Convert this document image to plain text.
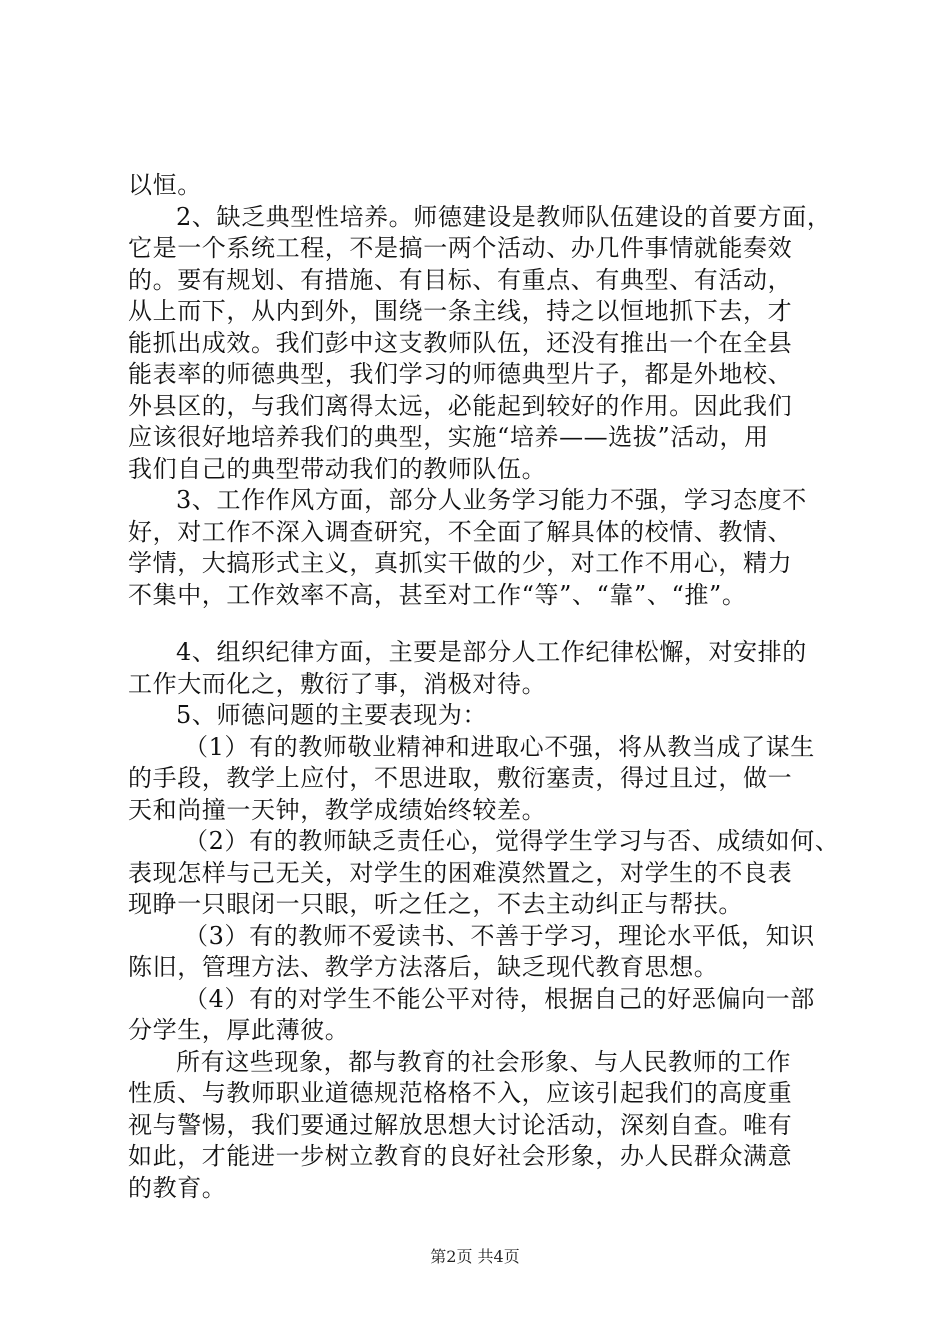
以恒。
2、缺乏典型性培养。师德建设是教师队伍建设的首要方面，
它是一个系统工程，不是搞一两个活动、办几件事情就能奏效
的。要有规划、有措施、有目标、有重点、有典型、有活动，
从上而下，从内到外，围绕一条主线，持之以恒地抓下去，才
能抓出成效。我们彭中这支教师队伍，还没有推出一个在全县
能表率的师德典型，我们学习的师德典型片子，都是外地校、
外县区的，与我们离得太远，必能起到较好的作用。因此我们
应该很好地培养我们的典型，实施“培养——选拔”活动，用
我们自己的典型带动我们的教师队伍。
3、工作作风方面，部分人业务学习能力不强，学习态度不
好，对工作不深入调查研究，不全面了解具体的校情、教情、
学情，大搞形式主义，真抓实干做的少，对工作不用心，精力
不集中，工作效率不高，甚至对工作“等”、“靠”、“推”。
4、组织纪律方面，主要是部分人工作纪律松懈，对安排的
工作大而化之，敷衍了事，消极对待。
5、师德问题的主要表现为：
（1）有的教师敬业精神和进取心不强，将从教当成了谋生
的手段，教学上应付，不思进取，敷衍塞责，得过且过，做一
天和尚撞一天钟，教学成绩始终较差。
（2）有的教师缺乏责任心，觉得学生学习与否、成绩如何、
表现怎样与己无关，对学生的困难漠然置之，对学生的不良表
现睁一只眼闭一只眼，听之任之，不去主动纠正与帮扶。
（3）有的教师不爱读书、不善于学习，理论水平低，知识
陈旧，管理方法、教学方法落后，缺乏现代教育思想。
（4）有的对学生不能公平对待，根据自己的好恶偏向一部
分学生，厚此薄彼。
所有这些现象，都与教育的社会形象、与人民教师的工作
性质、与教师职业道德规范格格不入，应该引起我们的高度重
视与警惕，我们要通过解放思想大讨论活动，深刻自查。唯有
如此，才能进一步树立教育的良好社会形象，办人民群众满意
的教育。
第2页 共4页
